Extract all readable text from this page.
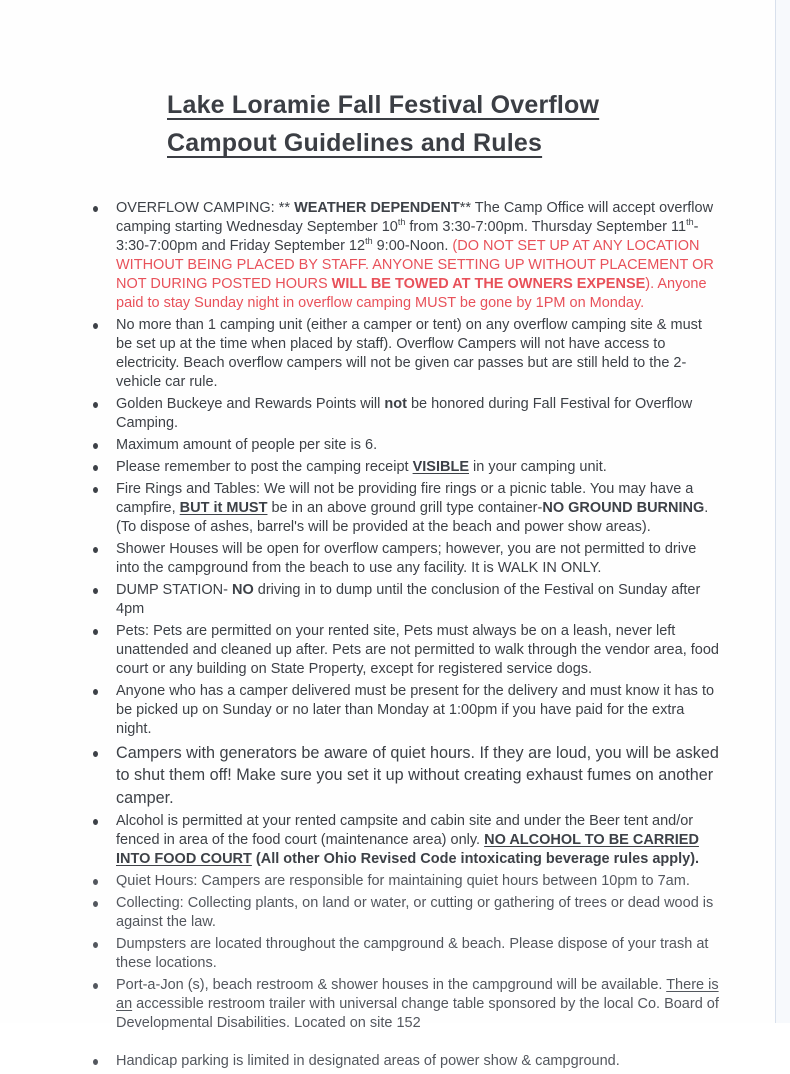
Lake Loramie Fall Festival Overflow
Campout Guidelines and Rules
OVERFLOW CAMPING: ** WEATHER DEPENDENT** The Camp Office will accept overflow camping starting Wednesday September 10th from 3:30-7:00pm. Thursday September 11th- 3:30-7:00pm and Friday September 12th 9:00-Noon. (DO NOT SET UP AT ANY LOCATION WITHOUT BEING PLACED BY STAFF. ANYONE SETTING UP WITHOUT PLACEMENT OR NOT DURING POSTED HOURS WILL BE TOWED AT THE OWNERS EXPENSE). Anyone paid to stay Sunday night in overflow camping MUST be gone by 1PM on Monday.
No more than 1 camping unit (either a camper or tent) on any overflow camping site & must be set up at the time when placed by staff). Overflow Campers will not have access to electricity. Beach overflow campers will not be given car passes but are still held to the 2-vehicle car rule.
Golden Buckeye and Rewards Points will not be honored during Fall Festival for Overflow Camping.
Maximum amount of people per site is 6.
Please remember to post the camping receipt VISIBLE in your camping unit.
Fire Rings and Tables: We will not be providing fire rings or a picnic table. You may have a campfire, BUT it MUST be in an above ground grill type container-NO GROUND BURNING. (To dispose of ashes, barrel's will be provided at the beach and power show areas).
Shower Houses will be open for overflow campers; however, you are not permitted to drive into the campground from the beach to use any facility. It is WALK IN ONLY.
DUMP STATION- NO driving in to dump until the conclusion of the Festival on Sunday after 4pm
Pets: Pets are permitted on your rented site, Pets must always be on a leash, never left unattended and cleaned up after. Pets are not permitted to walk through the vendor area, food court or any building on State Property, except for registered service dogs.
Anyone who has a camper delivered must be present for the delivery and must know it has to be picked up on Sunday or no later than Monday at 1:00pm if you have paid for the extra night.
Campers with generators be aware of quiet hours. If they are loud, you will be asked to shut them off! Make sure you set it up without creating exhaust fumes on another camper.
Alcohol is permitted at your rented campsite and cabin site and under the Beer tent and/or fenced in area of the food court (maintenance area) only. NO ALCOHOL TO BE CARRIED INTO FOOD COURT (All other Ohio Revised Code intoxicating beverage rules apply).
Quiet Hours: Campers are responsible for maintaining quiet hours between 10pm to 7am.
Collecting: Collecting plants, on land or water, or cutting or gathering of trees or dead wood is against the law.
Dumpsters are located throughout the campground & beach. Please dispose of your trash at these locations.
Port-a-Jon (s), beach restroom & shower houses in the campground will be available. There is an accessible restroom trailer with universal change table sponsored by the local Co. Board of Developmental Disabilities. Located on site 152
Handicap parking is limited in designated areas of power show & campground.
